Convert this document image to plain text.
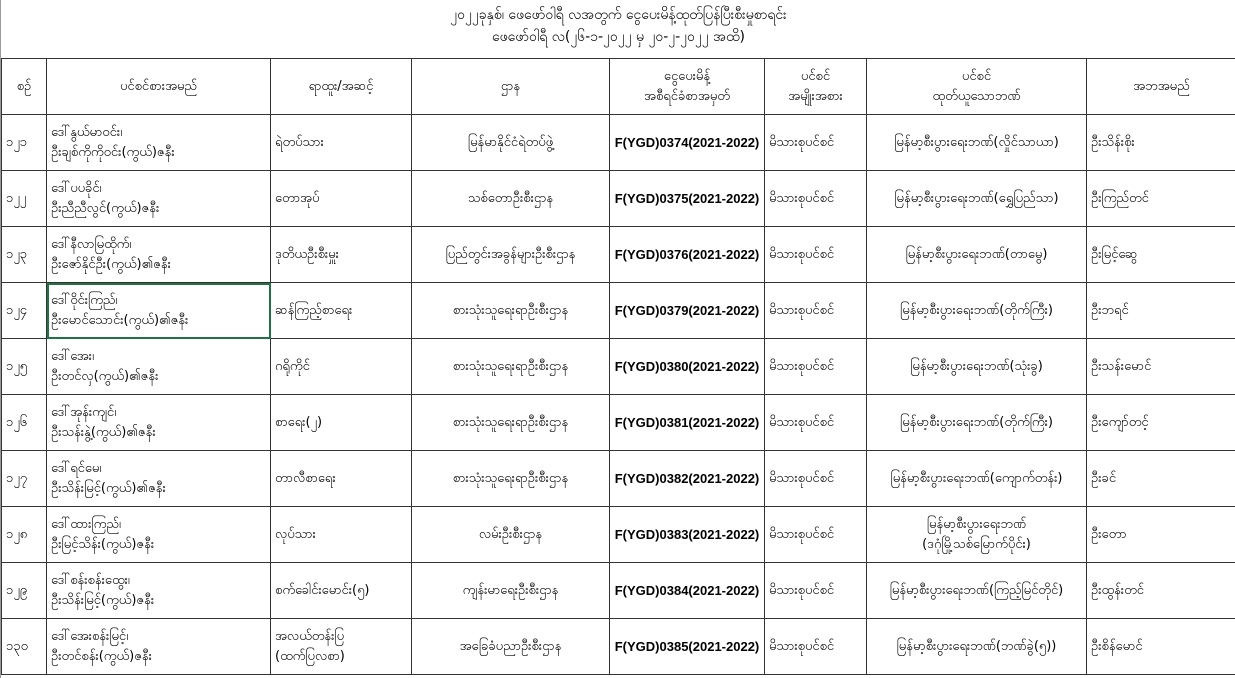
၂၀၂၂ခုနှစ်၊ ဖေဖော်ဝါရီ လအတွက် ငွေပေးမိန့်ထုတ်ပြန်ပြီးစီးမှုစာရင်း
ဖေဖော်ဝါရီ လ(၂၆-၁-၂၀၂၂ မှ ၂၀-၂-၂၀၂၂ အထိ)
စဉ်	ပင်စင်စားအမည်	ရာထူး/အဆင့်	ဌာန	ငွေပေးမိန့်
အစီရင်ခံစာအမှတ်	ပင်စင်
အမျိုးအစား	ပင်စင်
ထုတ်ယူသောဘဏ်	အဘအမည်

၁၂၁	ဒေါ်နွယ်မာဝင်း၊
ဦးချစ်ကိုကိုဝင်း(ကွယ်)ဇနီး	ရဲတပ်သား	မြန်မာနိုင်ငံရဲတပ်ဖွဲ့	F(YGD)0374(2021-2022)	မိသားစုပင်စင်	မြန်မာ့စီးပွားရေးဘဏ်(လှိုင်သာယာ)	ဦးသိန်းစိုး

၁၂၂	ဒေါ်ပပခိုင်၊
ဦးညီညီလွင်(ကွယ်)ဇနီး	တောအုပ်	သစ်တောဦးစီးဌာန	F(YGD)0375(2021-2022)	မိသားစုပင်စင်	မြန်မာ့စီးပွားရေးဘဏ်(ရွှေပြည်သာ)	ဦးကြည်တင်

၁၂၃	ဒေါ်နီလာမြထိုက်၊
ဦးဇော်နိုင်ဦး(ကွယ်)၏ဇနီး	ဒုတိယဦးစီးမှူး	ပြည်တွင်းအခွန်များဦးစီးဌာန	F(YGD)0376(2021-2022)	မိသားစုပင်စင်	မြန်မာ့စီးပွားရေးဘဏ်(တာမွေ)	ဦးမြင့်ဆွေ

၁၂၄	ဒေါ်ဝိုင်းကြည်၊
ဦးမောင်သောင်း(ကွယ်)၏ဇနီး	ဆန်ကြည့်စာရေး	စားသုံးသူရေးရာဦးစီးဌာန	F(YGD)0379(2021-2022)	မိသားစုပင်စင်	မြန်မာ့စီးပွားရေးဘဏ်(တိုက်ကြီး)	ဦးဘရင်

၁၂၅	ဒေါ်အေး၊
ဦးတင်လှ(ကွယ်)၏ဇနီး	ဂရိုကိုင်	စားသုံးသူရေးရာဦးစီးဌာန	F(YGD)0380(2021-2022)	မိသားစုပင်စင်	မြန်မာ့စီးပွားရေးဘဏ်(သုံးခွ)	ဦးသန်းမောင်

၁၂၆	ဒေါ်အုန်းကျင်၊
ဦးသန်းနွဲ့(ကွယ်)၏ဇနီး	စာရေး(၂)	စားသုံးသူရေးရာဦးစီးဌာန	F(YGD)0381(2021-2022)	မိသားစုပင်စင်	မြန်မာ့စီးပွားရေးဘဏ်(တိုက်ကြီး)	ဦးကျော်တင့်

၁၂၇	ဒေါ်ရင်မေ၊
ဦးသိန်းမြင့်(ကွယ်)၏ဇနီး	တာလီစာရေး	စားသုံးသူရေးရာဦးစီးဌာန	F(YGD)0382(2021-2022)	မိသားစုပင်စင်	မြန်မာ့စီးပွားရေးဘဏ်(ကျောက်တန်း)	ဦးခင်

၁၂၈	ဒေါ်ထားကြည်၊
ဦးမြင့်သိန်း(ကွယ်)ဇနီး	လုပ်သား	လမ်းဦးစီးဌာန	F(YGD)0383(2021-2022)	မိသားစုပင်စင်	မြန်မာ့စီးပွားရေးဘဏ်
(ဒဂုံမြို့သစ်မြောက်ပိုင်း)	ဦးတော

၁၂၉	ဒေါ်စန်းစန်းထွေး၊
ဦးသိန်းမြင့်(ကွယ်)ဇနီး	စက်ခေါင်းမောင်း(၅)	ကျန်းမာရေးဦးစီးဌာန	F(YGD)0384(2021-2022)	မိသားစုပင်စင်	မြန်မာ့စီးပွားရေးဘဏ်(ကြည့်မြင်တိုင်)	ဦးထွန်းတင်

၁၃၀	ဒေါ်အေးစန်းမြင့်၊
ဦးတင်စန်း(ကွယ်)ဇနီး	အလယ်တန်းပြ
(ထက်ပြလစာ)	အခြေခံပညာဦးစီးဌာန	F(YGD)0385(2021-2022)	မိသားစုပင်စင်	မြန်မာ့စီးပွားရေးဘဏ်(ဘဏ်ခွဲ(၅))	ဦးစိန်မောင်
